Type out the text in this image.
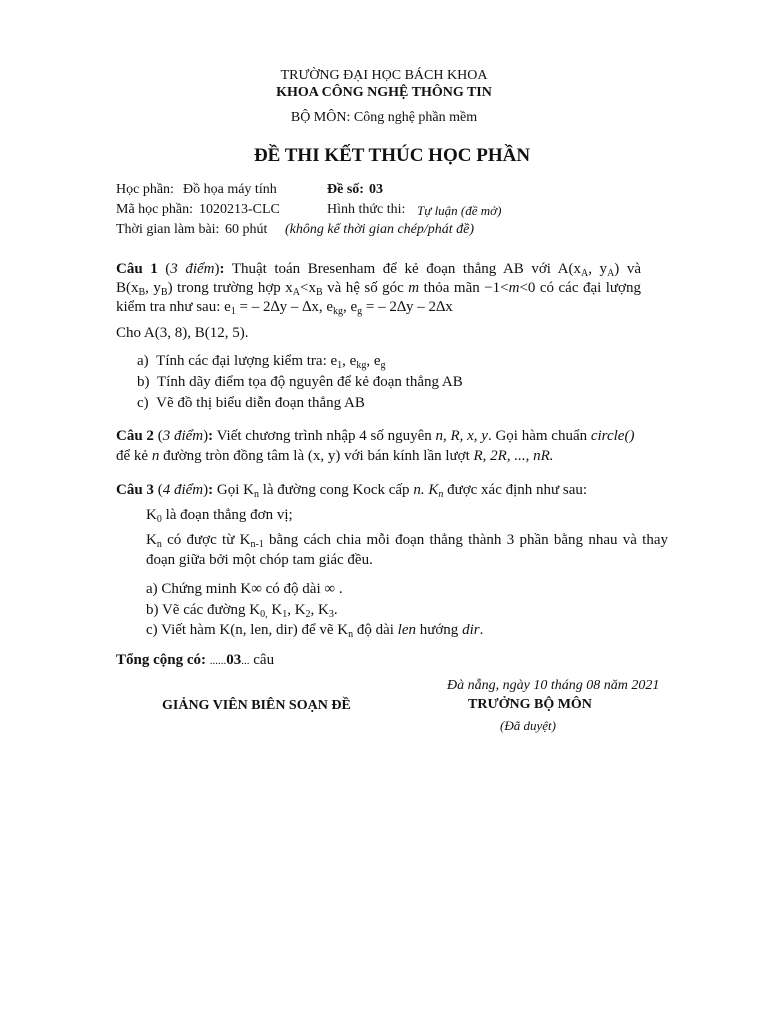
TRƯỜNG ĐẠI HỌC BÁCH KHOA
KHOA CÔNG NGHỆ THÔNG TIN
BỘ MÔN: Công nghệ phần mềm
ĐỀ THI KẾT THÚC HỌC PHẦN
Học phần: Đồ họa máy tính	Đề số: 03
Mã học phần: 1020213-CLC	Hình thức thi: Tự luận (đề mở)
Thời gian làm bài: 60 phút (không kể thời gian chép/phát đề)
Câu 1 (3 điểm): Thuật toán Bresenham để kẻ đoạn thẳng AB với $A(x_A$, $y_A$) và
$B(x_B$, $y_B$) trong trường hợp $x_A<x_B$ và hệ số góc m thỏa mãn −1<m<0 có các đại lượng
kiểm tra như sau: $e_1$ = – 2∆y – ∆x, $e_{kg}$, $e_g$ = – 2∆y – 2∆x
Cho A(3, 8), B(12, 5).
a) Tính các đại lượng kiểm tra: $e_1$, $e_{kg}$, $e_g$
b) Tính dãy điểm tọa độ nguyên để kẻ đoạn thẳng AB
c) Vẽ đồ thị biểu diễn đoạn thẳng AB
Câu 2 (3 điểm): Viết chương trình nhập 4 số nguyên n, R, x, y. Gọi hàm chuẩn circle()
để kẻ n đường tròn đồng tâm là (x, y) với bán kính lần lượt R, 2R, ..., nR.
Câu 3 (4 điểm): Gọi $K_n$ là đường cong Kock cấp n. $K_n$ được xác định như sau:
$K_0$ là đoạn thẳng đơn vị;
$K_n$ có được từ $K_{n-1}$ bằng cách chia mỗi đoạn thẳng thành 3 phần bằng nhau và thay
đoạn giữa bởi một chóp tam giác đều.
a) Chứng minh K∞ có độ dài ∞ .
b) Vẽ các đường $K_{0,}$ $K_1$, $K_2$, $K_3$.
c) Viết hàm K(n, len, dir) để vẽ $K_n$ độ dài len hướng dir.
Tổng cộng có: ......03... câu
Đà nẵng, ngày 10 tháng 08 năm 2021
GIẢNG VIÊN BIÊN SOẠN ĐỀ	TRƯỞNG BỘ MÔN
(Đã duyệt)
